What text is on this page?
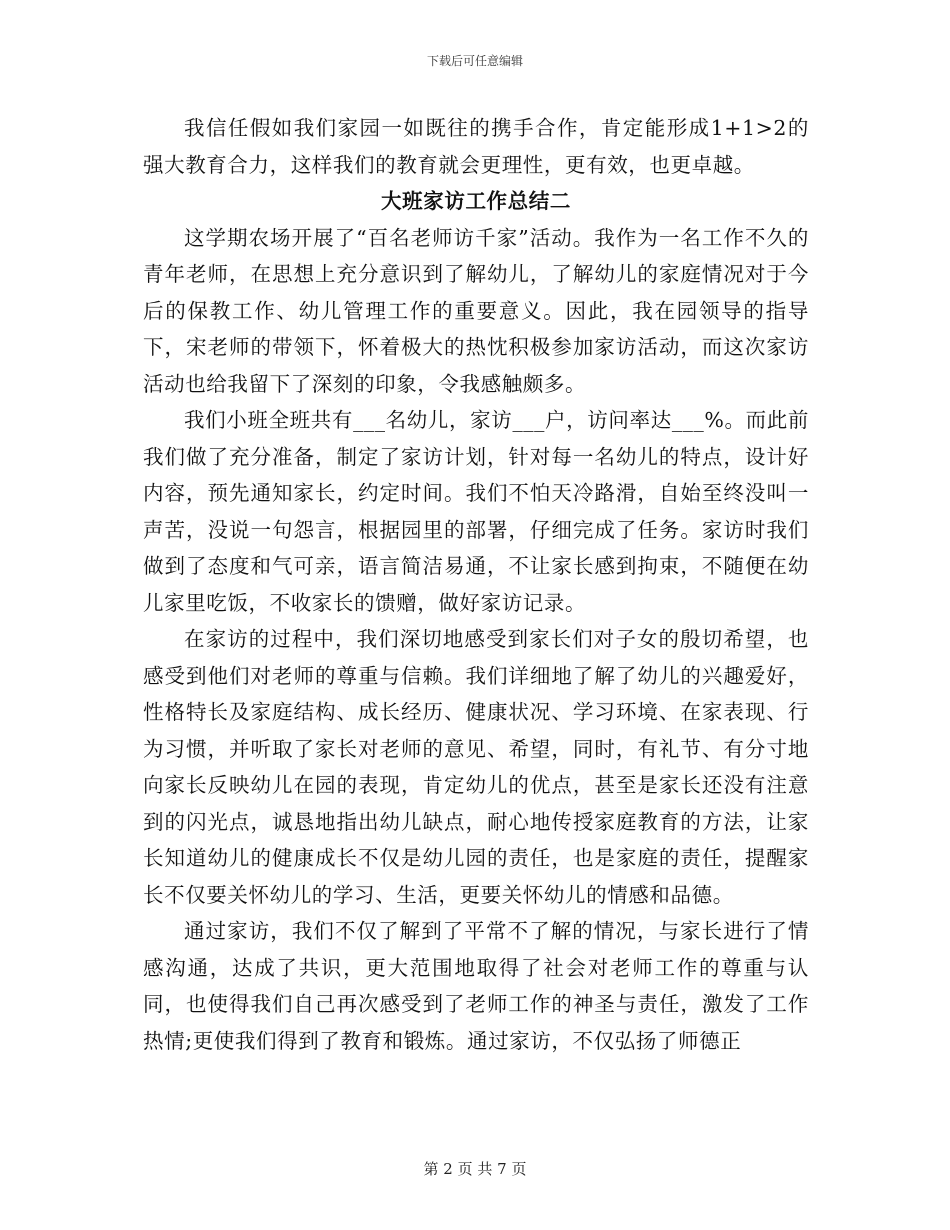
下载后可任意编辑

我信任假如我们家园一如既往的携手合作，肯定能形成1+1>2的强大教育合力，这样我们的教育就会更理性，更有效，也更卓越。

大班家访工作总结二

这学期农场开展了“百名老师访千家”活动。我作为一名工作不久的青年老师，在思想上充分意识到了解幼儿，了解幼儿的家庭情况对于今后的保教工作、幼儿管理工作的重要意义。因此，我在园领导的指导下，宋老师的带领下，怀着极大的热忱积极参加家访活动，而这次家访活动也给我留下了深刻的印象，令我感触颇多。

我们小班全班共有___名幼儿，家访___户，访问率达___%。而此前我们做了充分准备，制定了家访计划，针对每一名幼儿的特点，设计好内容，预先通知家长，约定时间。我们不怕天冷路滑，自始至终没叫一声苦，没说一句怨言，根据园里的部署，仔细完成了任务。家访时我们做到了态度和气可亲，语言简洁易通，不让家长感到拘束，不随便在幼儿家里吃饭，不收家长的馈赠，做好家访记录。

在家访的过程中，我们深切地感受到家长们对子女的殷切希望，也感受到他们对老师的尊重与信赖。我们详细地了解了幼儿的兴趣爱好，性格特长及家庭结构、成长经历、健康状况、学习环境、在家表现、行为习惯，并听取了家长对老师的意见、希望，同时，有礼节、有分寸地向家长反映幼儿在园的表现，肯定幼儿的优点，甚至是家长还没有注意到的闪光点，诚恳地指出幼儿缺点，耐心地传授家庭教育的方法，让家长知道幼儿的健康成长不仅是幼儿园的责任，也是家庭的责任，提醒家长不仅要关怀幼儿的学习、生活，更要关怀幼儿的情感和品德。

通过家访，我们不仅了解到了平常不了解的情况，与家长进行了情感沟通，达成了共识，更大范围地取得了社会对老师工作的尊重与认同，也使得我们自己再次感受到了老师工作的神圣与责任，激发了工作热情;更使我们得到了教育和锻炼。通过家访，不仅弘扬了师德正

第 2 页 共 7 页
